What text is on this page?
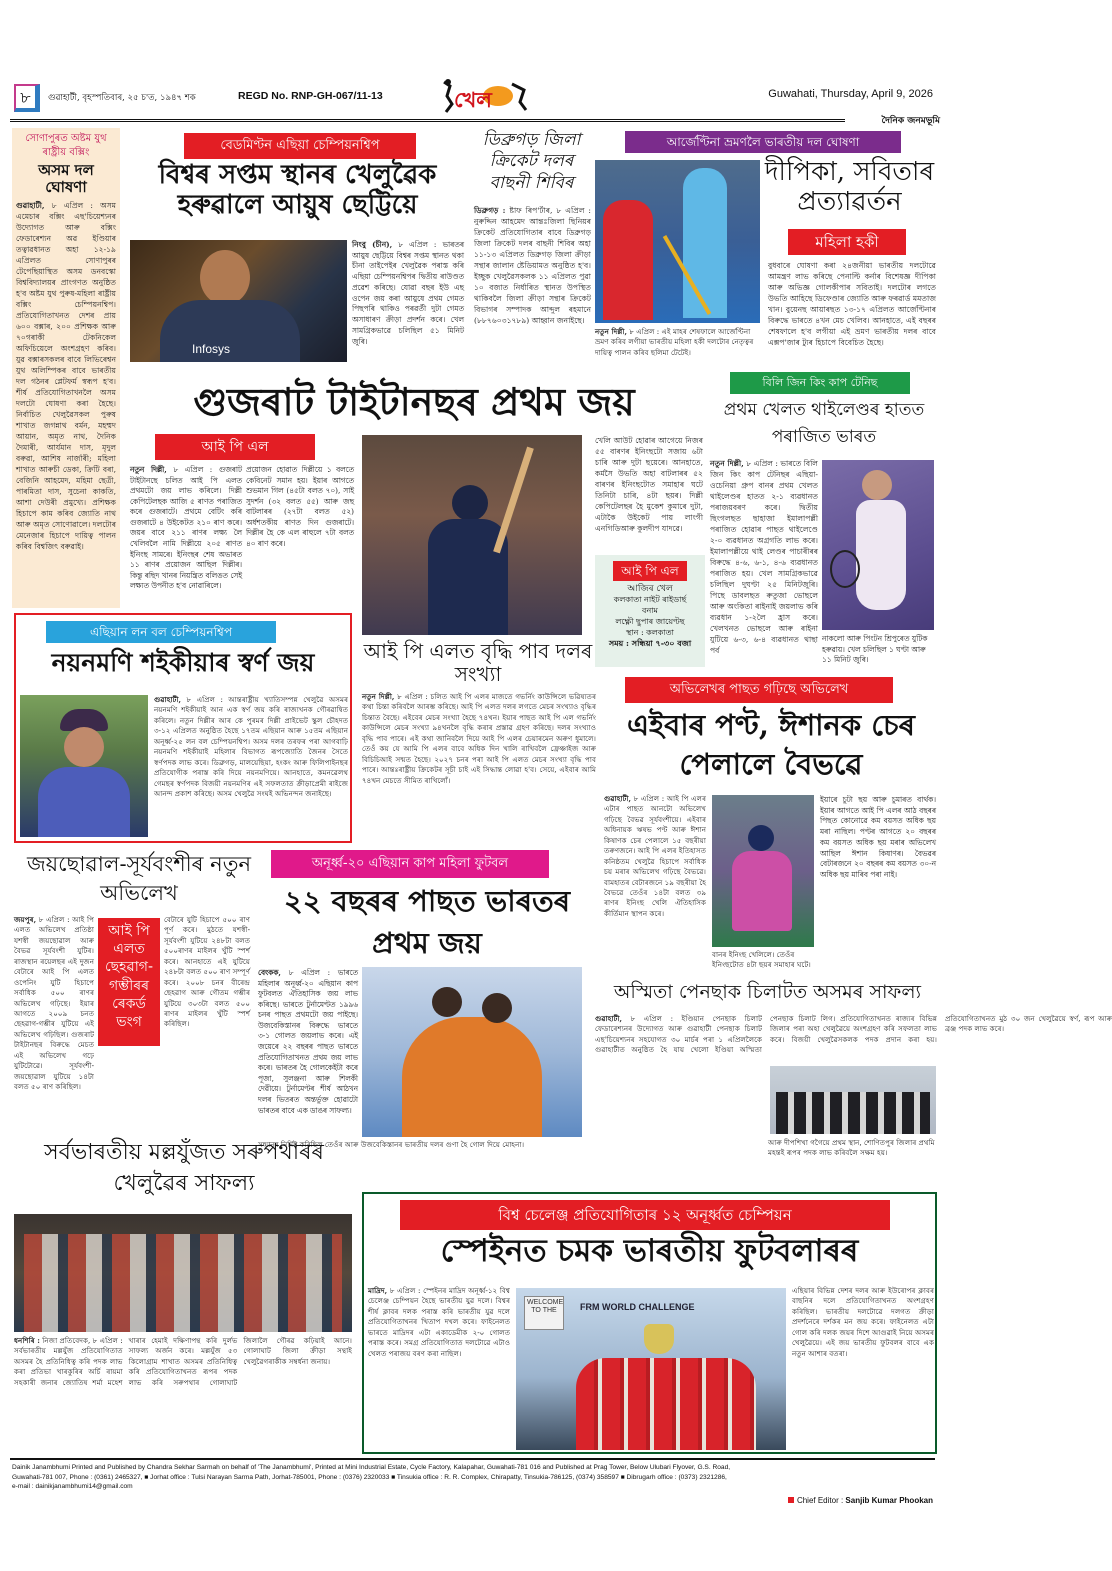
৮	গুৱাহাটী, বৃহস্পতিবাৰ, ২৫ চ'ত, ১৯৪৭ শক	REGD No. RNP-GH-067/11-13	খেল	Guwahati, Thursday, April 9, 2026
দৈনিক জনমভূমি
সোণাপুৰত অষ্টম যুথ ৰাষ্ট্ৰীয় বক্সিং
অসম দল ঘোষণা
গুৱাহাটী, ৮ এপ্ৰিল : অসম এমেচাৰ বক্সিং এছ'চিয়েশ্যনৰ উদ্যোগত আৰু বক্সিং ফেডাৰেশ্যন অৱ ইণ্ডিয়াৰ তত্বাৱধানত অহা ১২-১৯ এপ্ৰিলত সোণাপুৰৰ টেপেছিয়াস্থিত অসম ডনবস্কো বিশ্ববিদ্যালয়ৰ প্ৰাংগণত অনুষ্ঠিত হ'ব অষ্টম যুথ পুৰুষ-মহিলা ৰাষ্ট্ৰীয় বক্সিং চেম্পিয়নশ্বিপ। প্ৰতিযোগিতাখনত দেশৰ প্ৰায় ৬০০ বক্সাৰ, ২০০ প্ৰশিক্ষক আৰু ৭০গৰাকী টেকনিকেল অফিচিয়েলে অংশগ্ৰহণ কৰিব। যুৱ বক্সাৰসকলৰ বাবে লিভিৰেশ্বন যুথ অলিম্পিকৰ বাবে ভাৰতীয় দল গঠনৰ প্লেটফৰ্ম স্বৰূপ হ'ব। শীৰ্ষ প্ৰতিযোগিতাখনলৈ অসম দলটো ঘোষণা কৰা হৈছে। নিৰ্বাচিত খেলুৱৈসকল পুৰুষ শাখাত জগন্নাথ বৰ্মন, মহম্মদ আয়ান, অমৃত নাথ, দৈনিক দৈমাৰী, আৰ্যমান দাস, মৃদুল বৰুৱা, আশিষ নাৰ্জাৰী; মহিলা শাখাত আৰুচী ডেকা, ক্ৰিটি বৰা, বেজিনি আহমেদ, মহিমা ছেত্ৰী, পাৰমিতা দাস, সুচেনা কাকতি, আশা দেউৰী প্ৰমুখ্যে। প্ৰশিক্ষক হিচাপে কাম কৰিব জ্যোতি নাথ আৰু অমৃত সোণোৱালে। দলটোৰ মেনেজাৰ হিচাপে দায়িত্ব পালন কৰিব বিশ্বজিৎ বৰুৱাই।
বেডমিণ্টন এছিয়া চেম্পিয়নশ্বিপ
বিশ্বৰ সপ্তম স্থানৰ খেলুৱৈক হৰুৱালে আয়ুষ ছেট্টিয়ে
Infosys
নিংবু (চীন), ৮ এপ্ৰিল : ভাৰতৰ আয়ুষ ছেট্টিয়ে বিশ্বৰ সপ্তম স্থানত থকা চীনা তাইপেইৰ খেলুৱৈক পৰাস্ত কৰি এছিয়া চেম্পিয়নশ্বিপৰ দ্বিতীয় ৰাউণ্ডত প্ৰৱেশ কৰিছে। যোৱা বছৰ ইউ এছ ওপেন জয় কৰা আয়ুষে প্ৰথম গেমত পিছপৰি থাকিও পৰৱৰ্তী দুটা গেমত অসাধাৰণ ক্ৰীড়া প্ৰদৰ্শন কৰে। খেল সামগ্ৰিকভাৱে চলিছিল ৫১ মিনিট জুৰি।
ডিব্ৰুগড় জিলা ক্ৰিকেট দলৰ বাছনী শিবিৰ
ডিব্ৰুগড় : ষ্টাফ ৰিপ'ৰ্টাৰ, ৮ এপ্ৰিল : নুৰুদ্দিন আহমেদ আন্তঃজিলা ছিনিয়ৰ ক্ৰিকেট প্ৰতিযোগিতাৰ বাবে ডিব্ৰুগড় জিলা ক্ৰিকেট দলৰ বাছনী শিবিৰ অহা ১১-১৩ এপ্ৰিলত ডিব্ৰুগড় জিলা ক্ৰীড়া সন্থাৰ জালান ষ্টেডিয়ামত অনুষ্ঠিত হ'ব। ইচ্ছুক খেলুৱৈসকলক ১১ এপ্ৰিলত পুৱা ১০ বজাত নিৰ্ধাৰিত স্থানত উপস্থিত থাকিবলৈ জিলা ক্ৰীড়া সন্থাৰ ক্ৰিকেট বিভাগৰ সম্পাদক আব্দুল ৰহমানে (৮৮৭৬০৩১৭৮৯) আহ্বান জনাইছে।
আৰ্জেণ্টিনা ভ্ৰমণলৈ ভাৰতীয় দল ঘোষণা
দীপিকা, সবিতাৰ প্ৰত্যাৱৰ্তন
মহিলা হকী
নতুন দিল্লী, ৮ এপ্ৰিল : এই মাহৰ শেষফালে আৰ্জেণ্টিনা ভ্ৰমণ কৰিব লগীয়া ভাৰতীয় মহিলা হকী দলটোৰ নেতৃত্বৰ দায়িত্ব পালন কৰিব ছলিমা টেটেই।
বুধবাৰে ঘোষণা কৰা ২৪জনীয়া ভাৰতীয় দলটোৱে আমন্ত্ৰণ লাভ কৰিছে পেনাল্টি কৰ্নাৰ বিশেষজ্ঞ দীপিকা আৰু অভিজ্ঞ গোলকীপাৰ সবিতাই। দলটোৰ লগতে উভতি আহিছে ডিফেণ্ডাৰ জ্যোতি আৰু ফৰৱাৰ্ড মমতাজ খান। বুয়েনছ আয়াৰছত ১৩-১৭ এপ্ৰিলত আৰ্জেণ্টিনাৰ বিৰুদ্ধে ভাৰতে ৪খন মেচ খেলিব। আনহাতে, এই বছৰৰ শেষফালে হ'ব লগীয়া এই ভ্ৰমণ ভাৰতীয় দলৰ বাবে এক্সপ'জাৰ ট্যুৰ হিচাপে বিবেচিত হৈছে।
বিলি জিন কিং কাপ টেনিছ
প্ৰথম খেলত থাইলেণ্ডৰ হাতত পৰাজিত ভাৰত
গুজৰাট টাইটানছৰ প্ৰথম জয়
আই পি এল
নতুন দিল্লী, ৮ এপ্ৰিল : গুজৰাট টাইটানছে চলিত আই পি এলত প্ৰথমটো জয় লাভ কৰিলে। দিল্লী কেপিটেলছক আজি ৫ ৰাণত পৰাজিত কৰে গুজৰাটে। প্ৰথমে বেটিং কৰি গুজৰাটে ৪ উইকেটত ২১০ ৰাণ কৰে। জয়ৰ বাবে ২১১ ৰাণৰ লক্ষ্য লৈ খেলিবলৈ নামি দিল্লীয়ে ২০৫ ৰাণত ইনিংছ সামৰে। ইনিংছৰ শেষ অভাৰত ১১ ৰাণৰ প্ৰয়োজন আছিল দিল্লীৰ। কিন্তু ৰছিদ খানৰ নিয়ন্ত্ৰিত বলিঙত সেই লক্ষ্যত উপনীত হ'ব নোৱাৰিলে।
প্ৰয়োজন হোৱাত দিল্লীয়ে ১ বলতে কেবিনেট সমান হয়। ইয়াৰ আগতে শুভমান গিল (৪৫টা বলত ৭০), সাই সুদৰ্শন (৩২ বলত ৫৫) আৰু জছ বাটলাৰৰ (২৭টা বলত ৫২) অৰ্ধশতকীয় ৰাণত দিন গুজৰাটে। দিল্লীৰ হৈ কে এল ৰাহুলে ৭টা বলত ৪০ ৰাণ কৰে।
খেলি আউট হোৱাৰ আগেয়ে নিজৰ ৫৫ বাৰণৰ ইনিংছটো সজায় ৬টা চাৰি আৰু দুটা ছয়েৰে। আনহাতে, কৰ্মসৈ উভতি অহা বাটলাৰৰ ৫২ বাৰণৰ ইনিংছটোত সমাহাৰ ঘটে তিনিটা চাৰি, ৪টা ছয়ৰ। দিল্লী কেপিটেলছৰ হৈ মুকেশ কুমাৰে দুটা, এটাকৈ উইকেট পায় লাংগী এনগিডিআৰু কুলদীপ যাদৱে।
আই পি এল
আজিৰ খেল
কলকাতা নাইট ৰাইডাৰ্ছ
বনাম
লক্ষ্ণৌ ছুপাৰ জায়েণ্টছ
স্থান : কলকাতা
সময় : সন্ধিয়া ৭-৩০ বজা
নতুন দিল্লী, ৮ এপ্ৰিল : ভাৰতে বিলি জিন কিং কাপ টেনিছৰ এছিয়া-ওচেনিয়া গ্ৰুপ বানৰ প্ৰথম খেলত থাইলেণ্ডৰ হাতত ২-১ ব্যৱধানত পৰাজয়বৰণ কৰে। দ্বিতীয় ছিংগলছত ছাহাজা ইমালাপল্লী পৰাজিত হোৱাৰ পাছত থাইলেণ্ডে ২-০ ব্যৱধানত অগ্ৰগতি লাভ কৰে। ইমালাপল্লীয়ে থাই লেণ্ডৰ পাচাৰীৰৰ বিৰুদ্ধে ৪-৬, ৬-১, ৪-৬ ব্যৱধানত পৰাজিত হয়। খেল সামগ্ৰিকভাৱে চলিছিল দুঘণ্টা ২৫ মিনিটজুৰি। পিছে ডাবলছত ৰুতুজা ভোছলে আৰু অংকিতা ৰাইনাই জয়লাভ কৰি ব্যৱধান ১-২লৈ হ্ৰাস কৰে। খেলখনত ভোছলে আৰু ৰাইনা যুটিয়ে ৬-৩, ৬-৪ ব্যৱধানত থাছা পৰ্ব
নাকলো আৰু পিংটন শ্ৰিপুৰেত যুটিক হৰুৱায়। খেল চলিছিল ১ ঘণ্টা আৰু ১১ মিনিট জুৰি।
এছিয়ান লন বল চেম্পিয়নশ্বিপ
নয়নমণি শইকীয়াৰ স্বৰ্ণ জয়
গুৱাহাটী, ৮ এপ্ৰিল : আন্তৰাষ্ট্ৰীয় খ্যাতিসম্পন্ন খেলুৱৈ অসমৰ নয়নমণি শইকীয়াই আন এক স্বৰ্ণ জয় কৰি ৰাজ্যখনক গৌৰৱান্বিত কৰিলে। নতুন দিল্লীৰ আৰ কে পুৰমৰ দিল্লী প্ৰাইভেট স্কুল চৌহদত ৩-১২ এপ্ৰিলত অনুষ্ঠিত হৈছে ১৭তম এছিয়ান আৰু ১৫তম এছিয়ান অনূৰ্ধ্ব-২৫ লন বল চেম্পিয়নশ্বিপ। অসম দলৰ তৰফৰ পৰা আগবাঢ়ি নয়নমণি শইকীয়াই মহিলাৰ বিভাগত ৰূপজ্যোতি জৈনৰ সৈতে স্বৰ্ণপদক লাভ কৰে। ডিব্ৰুগড়, মালয়েছিয়া, হংকং আৰু ফিলিপাইনছৰ প্ৰতিযোগীক পৰাস্ত কৰি দিয়ে নয়নমণিয়ে। আনহাতে, কমনৱেলথ গেমছৰ স্বৰ্ণপদক বিজয়ী নয়নমণিৰ এই সফলতাত ক্ৰীড়াপ্ৰেমী ৰাইজে আনন্দ প্ৰকাশ কৰিছে। অসম খেলুৱৈ সংঘই অভিনন্দন জনাইছে।
আই পি এলত বৃদ্ধি পাব দলৰ সংখ্যা
নতুন দিল্লী, ৮ এপ্ৰিল : চলিত আই পি এলৰ মাজতে গভৰ্নিং কাউন্সিলে ভৱিষ্যতৰ কথা চিন্তা কৰিবলৈ আৰম্ভ কৰিছে। আই পি এলত দলৰ লগতে মেচৰ সংখ্যাও বৃদ্ধিৰ চিন্তাত বৈছে। এইবেৰ মেচৰ সংখ্যা হৈছে ৭৪খন। ইয়াৰ পাছত আই পি এল গভৰ্নিং কাউন্সিলে মেচৰ সংখ্যা ৯৪খনলৈ বৃদ্ধি কৰাৰ প্ৰস্তাৱ গ্ৰহণ কৰিছে। দলৰ সংখ্যাও বৃদ্ধি পাব পাৰে। এই কথা জানিবলৈ দিয়ে আই পি এলৰ চেয়াৰমেন অৰুণ ধুমালে। তেওঁ কয় যে আমি পি এলৰ বাবে অধিক দিন খালি ৰাখিবলৈ ফ্ৰেঞ্চাইজ আৰু বিচিচিআই সন্মত হৈছে। ২০২৭ চনৰ পৰা আই পি এলত মেচৰ সংখ্যা বৃদ্ধি পাব পাৰে। আন্তঃৰাষ্ট্ৰীয় ক্ৰিকেটৰ সূচী চাই এই সিদ্ধান্ত লোৱা হ'ব। সেয়ে, এইবাৰ আমি ৭৪খন মেচতে সীমিত ৰাখিলোঁ।
অভিলেখৰ পাছত গঢ়িছে অভিলেখ
এইবাৰ পণ্ট, ঈশানক চেৰ পেলালে বৈভৱে
গুৱাহাটী, ৮ এপ্ৰিল : আই পি এলৰ এটাৰ পাছত আনটো অভিলেখ গঢ়িছে বৈভৱ সূৰ্যবংশীয়ে। এইবাৰ অধিনায়ক ঋষভ পণ্ট আৰু ঈশান কিষাণক চেৰ পেলালে ১৫ বছৰীয়া তৰুণজনে। আই পি এলৰ ইতিহাসত কনিষ্ঠতম খেলুৱৈ হিচাপে সৰ্বাধিক চয় মৰাৰ অভিলেখ গঢ়িছে বৈভৱে। বামহাতৰ বেটাৰজনে ১৯ বছৰীয়া হৈ বৈভৱে তেওঁৰ ১৪টা বলত ৩৯ ৰাণৰ ইনিংছ খেলি ঐতিহাসিক কীৰ্তিমান স্থাপন কৰে।
বানৰ ইনিংছ খেলিলে। তেওঁৰ ইনিংছটোত ৪টা ছয়ৰ সমাহাৰ ঘটে।
ইয়াৰে চুটা ছয় আৰু চুমাৰত বাৰ্থক। ইয়াৰ আগতে আই পি এলৰ আঠ বছৰৰ পিছত কোনোৱে কম বয়সত অধিক ছয় মৰা নাছিল। পণ্টৰ আগতে ২০ বছৰৰ কম বয়সত অধিক ছয় মৰাৰ অভিলেখ আছিল ঈশান কিষাণৰ। বৈভৱৰ বেটাৰজনে ২০ বছৰৰ কম বয়সত ৩০-ন অধিক ছয় মাৰিব পৰা নাই।
জয়ছোৱাল-সূৰ্যবংশীৰ নতুন অভিলেখ
জয়পুৰ, ৮ এপ্ৰিল : আই পি এলত অভিলেখ প্ৰতিষ্ঠা যশস্বী জয়ছোৱাল আৰু বৈভৱ সূৰ্যবংশী যুটিৰ। ৰাজস্থান ৰয়েলছৰ এই দুজন বেটাৰে আই পি এলত ওপেনিং যুটি হিচাপে সৰ্বাধিক ৫০০ ৰাণৰ অভিলেখ গঢ়িছে। ইয়াৰ আগতে ২০০৯ চনত ছেহৱাগ-গম্ভীৰ যুটিয়ে এই অভিলেখ গঢ়িছিল। গুজৰাট টাইটানছৰ বিৰুদ্ধে মেচত এই অভিলেখ গঢ়ে যুটিটোৱে। সূৰ্যবংশী-জয়ছোৱাল যুটিয়ে ১৪টা বলত ৫০ ৰাণ কৰিছিল।
আই পি এলত ছেহৱাগ-গম্ভীৰৰ ৰেকৰ্ড ভংগ
বেটাৰে যুটি হিচাপে ৫০০ ৰাণ পূৰ্ণ কৰে। মুঠতে যশস্বী-সূৰ্যবংশী যুটিয়ে ২৪৮টা বলত ৫০০ৰাণৰ মাইলৰ খুঁটি স্পৰ্শ কৰে। আনহাতে এই যুটিয়ে ২৪৮টা বলত ৫০০ ৰাণ সম্পূৰ্ণ কৰে। ২০০৮ চনৰ বীৰেন্দ্ৰ ছেহৱাগ আৰু গৌতম গম্ভীৰ যুটিয়ে ৩০৩টা বলত ৫০০ ৰাণৰ মাইলৰ খুঁটি স্পৰ্শ কৰিছিল।
অনূৰ্ধ্ব-২০ এছিয়ান কাপ মহিলা ফুটবল
২২ বছৰৰ পাছত ভাৰতৰ প্ৰথম জয়
বেংকক, ৮ এপ্ৰিল : ভাৰতে মহিলাৰ অনূৰ্ধ্ব-২০ এছিয়ান কাপ ফুটবলত ঐতিহাসিক জয় লাভ কৰিছে। ভাৰতে টুৰ্নামেণ্টত ১৯৯৬ চনৰ পাছত প্ৰথমটো জয় পাইছে। উজবেকিস্তানৰ বিৰুদ্ধে ভাৰতে ৩-১ গোলত জয়লাভ কৰে। এই জয়েৰে ২২ বছৰৰ পাছত ভাৰতে প্ৰতিযোগিতাখনত প্ৰথম জয় লাভ কৰে। ভাৰতৰ হৈ গোলকেইটা কৰে পূজা, সুলঞ্জনা আৰু শিলকী দেৱীয়ে। টুৰ্নামেণ্টৰ শীৰ্ষ আঠখন দলৰ ভিতৰত অন্তৰ্ভুক্ত হোৱাটো ভাৰতৰ বাবে এক ডাঙৰ সাফল্য।
সন্মানৰ নিৰ্দিষ্ট কৰিছিল তেওঁৰ আৰু উজবেকিস্তানৰ ভাৰতীয় দলৰ গুণা হৈ গোল দিয়ে মোহনা।
অস্মিতা পেনছাক চিলাটত অসমৰ সাফল্য
গুৱাহাটী, ৮ এপ্ৰিল : ইণ্ডিয়ান পেনছাক চিলাট ফেডাৰেশ্যনৰ উদ্যোগত আৰু গুৱাহাটী পেনছাক চিলাট এছ'চিয়েশ্যনৰ সহযোগত ৩০ মাৰ্চৰ পৰা ১ এপ্ৰিললৈকে গুৱাহাটীত অনুষ্ঠিত হৈ যায় খেলো ইণ্ডিয়া অস্মিতা পেনছাক চিলাট লিগ। প্ৰতিযোগিতাখনত ৰাজ্যৰ বিভিন্ন জিলাৰ পৰা অহা খেলুৱৈয়ে অংশগ্ৰহণ কৰি সফলতা লাভ কৰে। বিজয়ী খেলুৱৈসকলক পদক প্ৰদান কৰা হয়। প্ৰতিযোগিতাখনত মুঠ ৩০ জন খেলুৱৈয়ে স্বৰ্ণ, ৰূপ আৰু ব্ৰঞ্জ পদক লাভ কৰে।
আৰু দীপশিখা গগৈয়ে প্ৰথম স্থান, শোণিতপুৰ জিলাৰ প্ৰথমি মহন্তই ৰূপৰ পদক লাভ কৰিবলৈ সক্ষম হয়।
সৰ্বভাৰতীয় মল্লযুঁজত সৰুপথাৰৰ খেলুৱৈৰ সাফল্য
ধনশিৰি : নিজা প্ৰতিবেদক, ৮ এপ্ৰিল : সৰ্বভাৰতীয় মল্লযুঁজ প্ৰতিযোগিতাত অসমৰ হৈ প্ৰতিনিধিত্ব কৰি পদক লাভ কৰা প্ৰতিভা খাৰকুৰিৰ অৰ্চি ৰায়মা সহকাৰী জনাৰ জ্যোতিষ শৰ্মা মহেশ খাৰাৰ হেমাই দক্ষিণাপন্থ কৰি দুৰ্লভ সাফল্য অৰ্জন কৰে। মল্লযুঁজ ৫৩ কিলোগ্ৰাম শাখাত অসমৰ প্ৰতিনিধিত্ব কৰি প্ৰতিযোগিতাখনত ৰূপৰ পদক লাভ কৰি সৰুপথাৰ গোলাঘাট জিলালৈ গৌৰৱ কঢ়িয়াই আনে। গোলাঘাট জিলা ক্ৰীড়া সন্থাই খেলুৱৈগৰাকীক সম্বৰ্ধনা জনায়।
বিশ্ব চেলেঞ্জ প্ৰতিযোগিতাৰ ১২ অনূৰ্ধ্বত চেম্পিয়ন
স্পেইনত চমক ভাৰতীয় ফুটবলাৰৰ
মাদ্ৰিদ, ৮ এপ্ৰিল : স্পেইনৰ মাদ্ৰিদ অনূৰ্ধ্ব-১২ বিশ্ব চেলেঞ্জ চেম্পিয়ন হৈছে ভাৰতীয় যুৱ দলে। বিশ্বৰ শীৰ্ষ ক্লাবৰ দলক পৰাস্ত কৰি ভাৰতীয় যুৱ দলে প্ৰতিযোগিতাখনৰ খিতাপ দখল কৰে। ফাইনেলত ভাৰতে মাদ্ৰিদৰ এটা একাডেমীক ২-০ গোলত পৰাস্ত কৰে। সমগ্ৰ প্ৰতিযোগিতাত দলটোৱে এটাও খেলত পৰাজয় বৰণ কৰা নাছিল।
WELCOME TO THE	FRM WORLD CHALLENGE
এছিয়াৰ বিভিন্ন দেশৰ দলৰ আৰু ইউৰোপৰ ক্লাবৰ বাছনিৰ দলে প্ৰতিযোগিতাখনত অংশগ্ৰহণ কৰিছিল। ভাৰতীয় দলটোৱে দলগত ক্ৰীড়া প্ৰদৰ্শনেৰে দৰ্শকৰ মন জয় কৰে। ফাইনেলত এটা গোল কৰি দলক জয়ৰ দিশে আগুৱাই নিয়ে অসমৰ খেলুৱৈয়ে। এই জয় ভাৰতীয় ফুটবলৰ বাবে এক নতুন আশাৰ বতৰা।
Dainik Janambhumi Printed and Published by Chandra Sekhar Sarmah on behalf of 'The Janambhumi', Printed at Mini Industrial Estate, Cycle Factory, Kalapahar, Guwahati-781 016 and Published at Prag Tower, Below Ulubari Flyover, G.S. Road,
Guwahati-781 007, Phone : (0361) 2465327, ■ Jorhat office : Tulsi Narayan Sarma Path, Jorhat-785001, Phone : (0376) 2320033 ■ Tinsukia office : R. R. Complex, Chirapatty, Tinsukia-786125, (0374) 358597 ■ Dibrugarh office : (0373) 2321286,
e-mail : dainikjanambhumi14@gmail.com
Chief Editor : Sanjib Kumar Phookan
